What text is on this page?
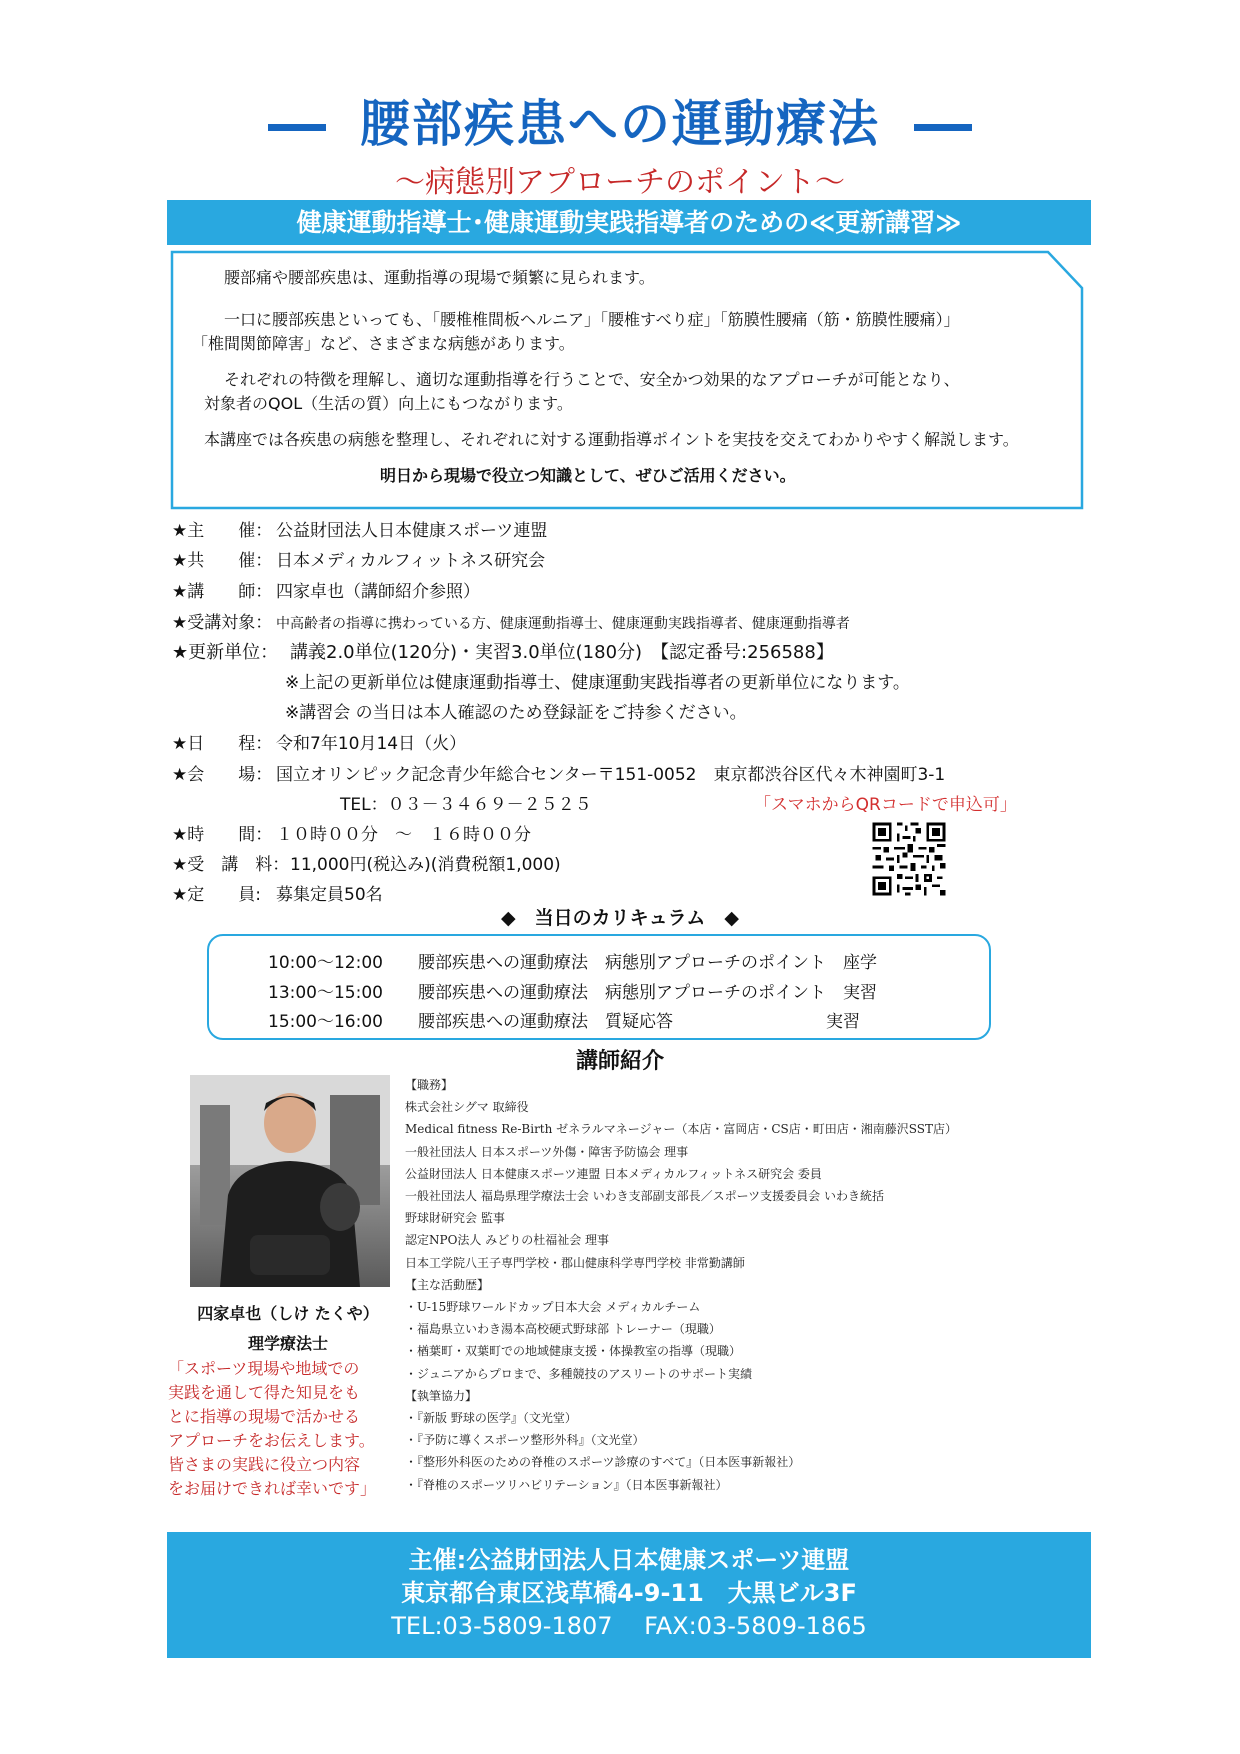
腰部疾患への運動療法
～病態別アプローチのポイント～
健康運動指導士･健康運動実践指導者のための≪更新講習≫

腰部痛や腰部疾患は、運動指導の現場で頻繁に見られます。

一口に腰部疾患といっても、「腰椎椎間板ヘルニア」「腰椎すべり症」「筋膜性腰痛（筋・筋膜性腰痛）」

「椎間関節障害」など、さまざまな病態があります。

それぞれの特徴を理解し、適切な運動指導を行うことで、安全かつ効果的なアプローチが可能となり、

対象者のQOL（生活の質）向上にもつながります。

本講座では各疾患の病態を整理し、それぞれに対する運動指導ポイントを実技を交えてわかりやすく解説します。

明日から現場で役立つ知識として、ぜひご活用ください。

★主　　催： 公益財団法人日本健康スポーツ連盟
★共　　催： 日本メディカルフィットネス研究会
★講　　師： 四家卓也（講師紹介参照）
★受講対象： 中高齢者の指導に携わっている方、健康運動指導士、健康運動実践指導者、健康運動指導者
★更新単位： 講義2.0単位(120分)・実習3.0単位(180分)　【認定番号:256588】
※上記の更新単位は健康運動指導士、健康運動実践指導者の更新単位になります。
※講習会 の当日は本人確認のため登録証をご持参ください。
★日　　程： 令和7年10月14日（火）
★会　　場： 国立オリンピック記念青少年総合センター〒151-0052　東京都渋谷区代々木神園町3-1
TEL：０３－３４６９－２５２５	「スマホからQRコードで申込可」
★時　　間： １０時００分　～　１６時００分
★受　講　料：11,000円(税込み)(消費税額1,000)
★定　　員: 募集定員50名
◆　当日のカリキュラム　◆
10:00～12:00 腰部疾患への運動療法　病態別アプローチのポイント　座学
13:00～15:00 腰部疾患への運動療法　病態別アプローチのポイント　実習
15:00～16:00 腰部疾患への運動療法　質疑応答　　　　　　　　　実習
講師紹介
四家卓也（しけ たくや）
理学療法士
「スポーツ現場や地域での
実践を通して得た知見をも
とに指導の現場で活かせる
アプローチをお伝えします。
皆さまの実践に役立つ内容
をお届けできれば幸いです」
【職務】
株式会社シグマ 取締役
Medical fitness Re-Birth ゼネラルマネージャー（本店・富岡店・CS店・町田店・湘南藤沢SST店）
一般社団法人 日本スポーツ外傷・障害予防協会 理事
公益財団法人 日本健康スポーツ連盟 日本メディカルフィットネス研究会 委員
一般社団法人 福島県理学療法士会 いわき支部副支部長／スポーツ支援委員会 いわき統括
野球財研究会 監事
認定NPO法人 みどりの杜福祉会 理事
日本工学院八王子専門学校・郡山健康科学専門学校 非常勤講師
【主な活動歴】
・U-15野球ワールドカップ日本大会 メディカルチーム
・福島県立いわき湯本高校硬式野球部 トレーナー（現職）
・楢葉町・双葉町での地域健康支援・体操教室の指導（現職）
・ジュニアからプロまで、多種競技のアスリートのサポート実績
【執筆協力】
・『新版 野球の医学』（文光堂）
・『予防に導くスポーツ整形外科』（文光堂）
・『整形外科医のための脊椎のスポーツ診療のすべて』（日本医事新報社）
・『脊椎のスポーツリハビリテーション』（日本医事新報社）
主催:公益財団法人日本健康スポーツ連盟
東京都台東区浅草橋4-9-11　大黒ビル3F
TEL:03-5809-1807　 FAX:03-5809-1865
